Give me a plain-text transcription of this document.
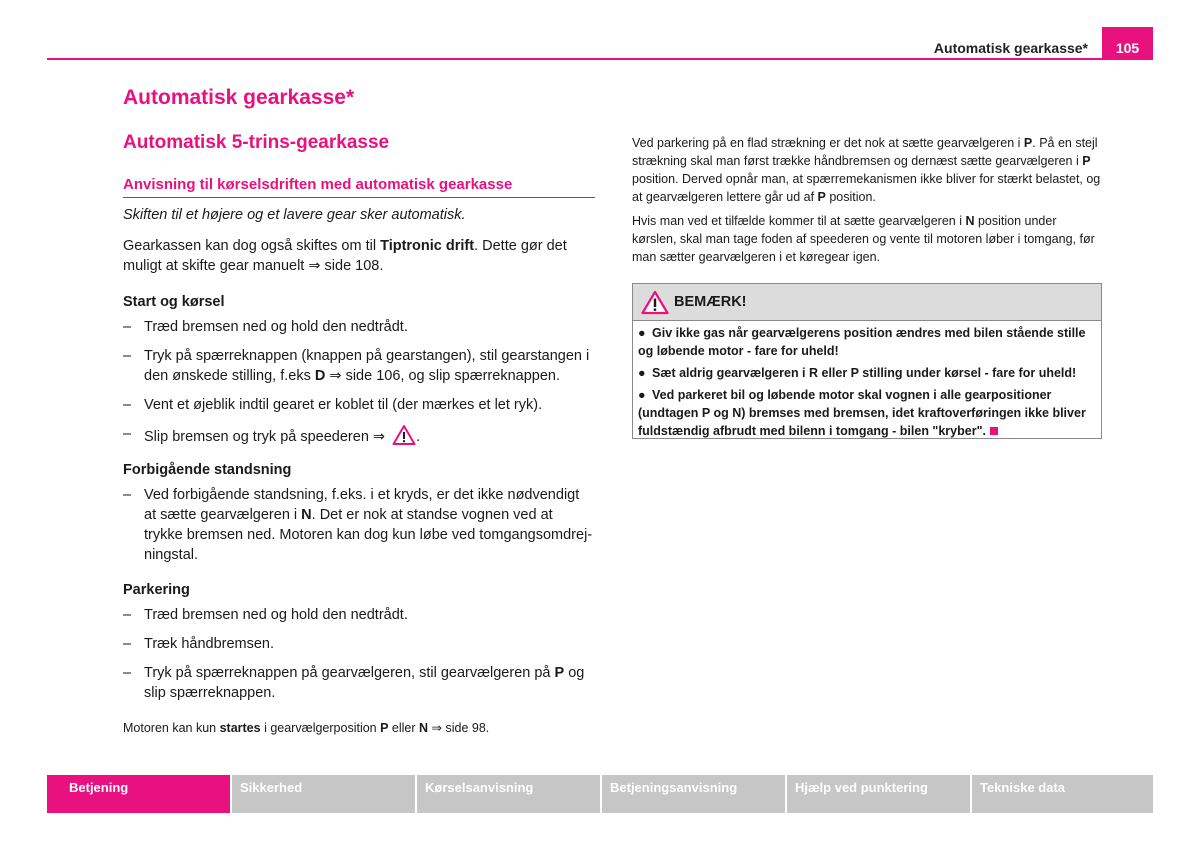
Automatisk gearkasse*	105
Automatisk gearkasse*
Automatisk 5-trins-gearkasse
Anvisning til kørselsdriften med automatisk gearkasse
Skiften til et højere og et lavere gear sker automatisk.
Gearkassen kan dog også skiftes om til Tiptronic drift. Dette gør det muligt at skifte gear manuelt ⇒ side 108.
Start og kørsel
– Træd bremsen ned og hold den nedtrådt.
– Tryk på spærreknappen (knappen på gearstangen), stil gearstangen i den ønskede stilling, f.eks D ⇒ side 106, og slip spærreknappen.
– Vent et øjeblik indtil gearet er koblet til (der mærkes et let ryk).
– Slip bremsen og tryk på speederen ⇒ .
Forbigående standsning
– Ved forbigående standsning, f.eks. i et kryds, er det ikke nødvendigt at sætte gearvælgeren i N. Det er nok at standse vognen ved at trykke bremsen ned. Motoren kan dog kun løbe ved tomgangsomdrej-ningstal.
Parkering
– Træd bremsen ned og hold den nedtrådt.
– Træk håndbremsen.
– Tryk på spærreknappen på gearvælgeren, stil gearvælgeren på P og slip spærreknappen.
Motoren kan kun startes i gearvælgerposition P eller N ⇒ side 98.
Ved parkering på en flad strækning er det nok at sætte gearvælgeren i P. På en stejl strækning skal man først trække håndbremsen og dernæst sætte gearvælgeren i P position. Derved opnår man, at spærremekanismen ikke bliver for stærkt belastet, og at gearvælgeren lettere går ud af P position.
Hvis man ved et tilfælde kommer til at sætte gearvælgeren i N position under kørslen, skal man tage foden af speederen og vente til motoren løber i tomgang, før man sætter gearvælgeren i et køregear igen.
BEMÆRK!

● Giv ikke gas når gearvælgerens position ændres med bilen stående stille og løbende motor - fare for uheld!

● Sæt aldrig gearvælgeren i R eller P stilling under kørsel - fare for uheld!

● Ved parkeret bil og løbende motor skal vognen i alle gearpositioner (undtagen P og N) bremses med bremsen, idet kraftoverføringen ikke bliver fuldstændig afbrudt med bilenn i tomgang - bilen "kryber".

Betjening	Sikkerhed	Kørselsanvisning	Betjeningsanvisning	Hjælp ved punktering	Tekniske data
